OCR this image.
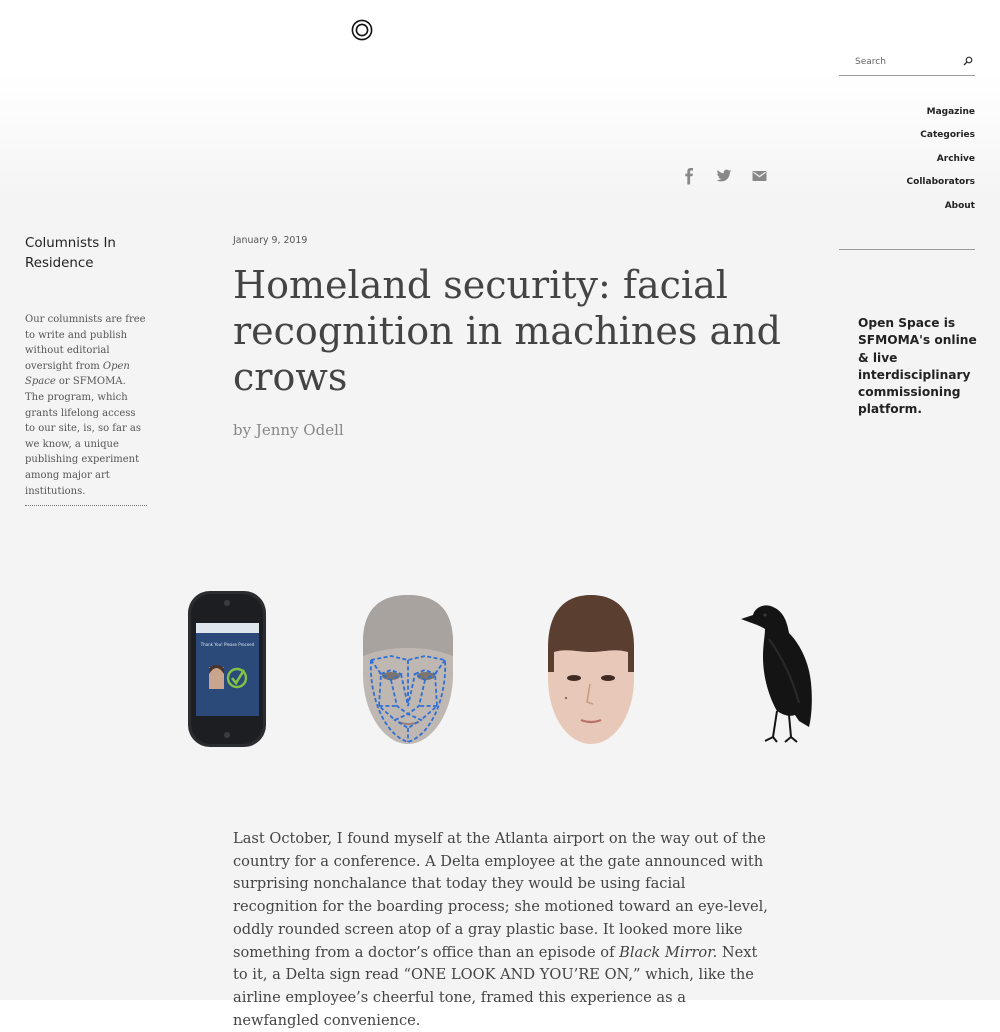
Search
Magazine
Categories
Archive
Collaborators
About
Columnists In Residence

Our columnists are free to write and publish without editorial oversight from Open Space or SFMOMA. The program, which grants lifelong access to our site, is, so far as we know, a unique publishing experiment among major art institutions.

January 9, 2019
Homeland security: facial recognition in machines and crows
by Jenny Odell

Open Space is SFMOMA's online & live interdisciplinary commissioning platform.

Thank You! Please Proceed

Last October, I found myself at the Atlanta airport on the way out of the country for a conference. A Delta employee at the gate announced with surprising nonchalance that today they would be using facial recognition for the boarding process; she motioned toward an eye-level, oddly rounded screen atop of a gray plastic base. It looked more like something from a doctor’s office than an episode of Black Mirror. Next to it, a Delta sign read “ONE LOOK AND YOU’RE ON,” which, like the airline employee’s cheerful tone, framed this experience as a newfangled convenience.
